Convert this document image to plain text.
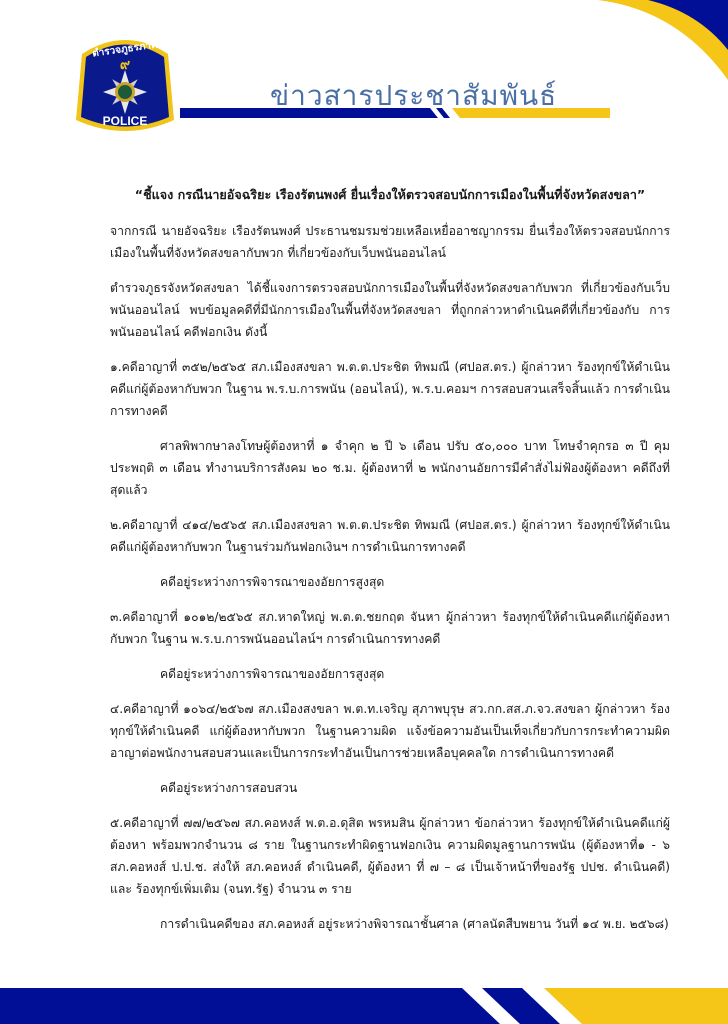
ตำรวจภูธรภาค
๙
POLICE
ข่าวสารประชาสัมพันธ์
“ชี้แจง กรณีนายอัจฉริยะ เรืองรัตนพงศ์ ยื่นเรื่องให้ตรวจสอบนักการเมืองในพื้นที่จังหวัดสงขลา”

จากกรณี นายอัจฉริยะ เรืองรัตนพงศ์ ประธานชมรมช่วยเหลือเหยื่ออาชญากรรม ยื่นเรื่องให้ตรวจสอบนักการเมืองในพื้นที่จังหวัดสงขลากับพวก ที่เกี่ยวข้องกับเว็บพนันออนไลน์

ตำรวจภูธรจังหวัดสงขลา ได้ชี้แจงการตรวจสอบนักการเมืองในพื้นที่จังหวัดสงขลากับพวก ที่เกี่ยวข้องกับเว็บพนันออนไลน์ พบข้อมูลคดีที่มีนักการเมืองในพื้นที่จังหวัดสงขลา ที่ถูกกล่าวหาดำเนินคดีที่เกี่ยวข้องกับ การพนันออนไลน์ คดีฟอกเงิน ดังนี้

๑.คดีอาญาที่ ๓๕๒/๒๕๖๕ สภ.เมืองสงขลา พ.ต.ต.ประชิต ทิพมณี (ศปอส.ตร.) ผู้กล่าวหา ร้องทุกข์ให้ดำเนินคดีแก่ผู้ต้องหากับพวก ในฐาน พ.ร.บ.การพนัน (ออนไลน์), พ.ร.บ.คอมฯ การสอบสวนเสร็จสิ้นแล้ว การดำเนินการทางคดี

ศาลพิพากษาลงโทษผู้ต้องหาที่ ๑ จำคุก ๒ ปี ๖ เดือน ปรับ ๕๐,๐๐๐ บาท โทษจำคุกรอ ๓ ปี คุมประพฤติ ๓ เดือน ทำงานบริการสังคม ๒๐ ช.ม. ผู้ต้องหาที่ ๒ พนักงานอัยการมีคำสั่งไม่ฟ้องผู้ต้องหา คดีถึงที่สุดแล้ว

๒.คดีอาญาที่ ๔๑๔/๒๕๖๕ สภ.เมืองสงขลา พ.ต.ต.ประชิต ทิพมณี (ศปอส.ตร.) ผู้กล่าวหา ร้องทุกข์ให้ดำเนินคดีแก่ผู้ต้องหากับพวก ในฐานร่วมกันฟอกเงินฯ การดำเนินการทางคดี

คดีอยู่ระหว่างการพิจารณาของอัยการสูงสุด

๓.คดีอาญาที่ ๑๐๑๒/๒๕๖๕ สภ.หาดใหญ่ พ.ต.ต.ชยกฤต จันหา ผู้กล่าวหา ร้องทุกข์ให้ดำเนินคดีแก่ผู้ต้องหากับพวก ในฐาน พ.ร.บ.การพนันออนไลน์ฯ การดำเนินการทางคดี

คดีอยู่ระหว่างการพิจารณาของอัยการสูงสุด

๔.คดีอาญาที่ ๑๐๖๔/๒๕๖๗ สภ.เมืองสงขลา พ.ต.ท.เจริญ สุภาพบุรุษ สว.กก.สส.ภ.จว.สงขลา ผู้กล่าวหา ร้องทุกข์ให้ดำเนินคดี แก่ผู้ต้องหากับพวก ในฐานความผิด แจ้งข้อความอันเป็นเท็จเกี่ยวกับการกระทำความผิดอาญาต่อพนักงานสอบสวนและเป็นการกระทำอันเป็นการช่วยเหลือบุคคลใด การดำเนินการทางคดี

คดีอยู่ระหว่างการสอบสวน

๕.คดีอาญาที่ ๗๗/๒๕๖๗ สภ.คอหงส์ พ.ต.อ.ดุสิต พรหมสิน ผู้กล่าวหา ข้อกล่าวหา ร้องทุกข์ให้ดำเนินคดีแก่ผู้ต้องหา พร้อมพวกจำนวน ๘ ราย ในฐานกระทำผิดฐานฟอกเงิน ความผิดมูลฐานการพนัน (ผู้ต้องหาที่๑ - ๖ สภ.คอหงส์ ป.ป.ช. ส่งให้ สภ.คอหงส์ ดำเนินคดี, ผู้ต้องหา ที่ ๗ – ๘ เป็นเจ้าหน้าที่ของรัฐ ปปช. ดำเนินคดี) และ ร้องทุกข์เพิ่มเติม (จนท.รัฐ) จำนวน ๓ ราย

การดำเนินคดีของ สภ.คอหงส์ อยู่ระหว่างพิจารณาชั้นศาล (ศาลนัดสืบพยาน วันที่ ๑๔ พ.ย. ๒๕๖๘)
